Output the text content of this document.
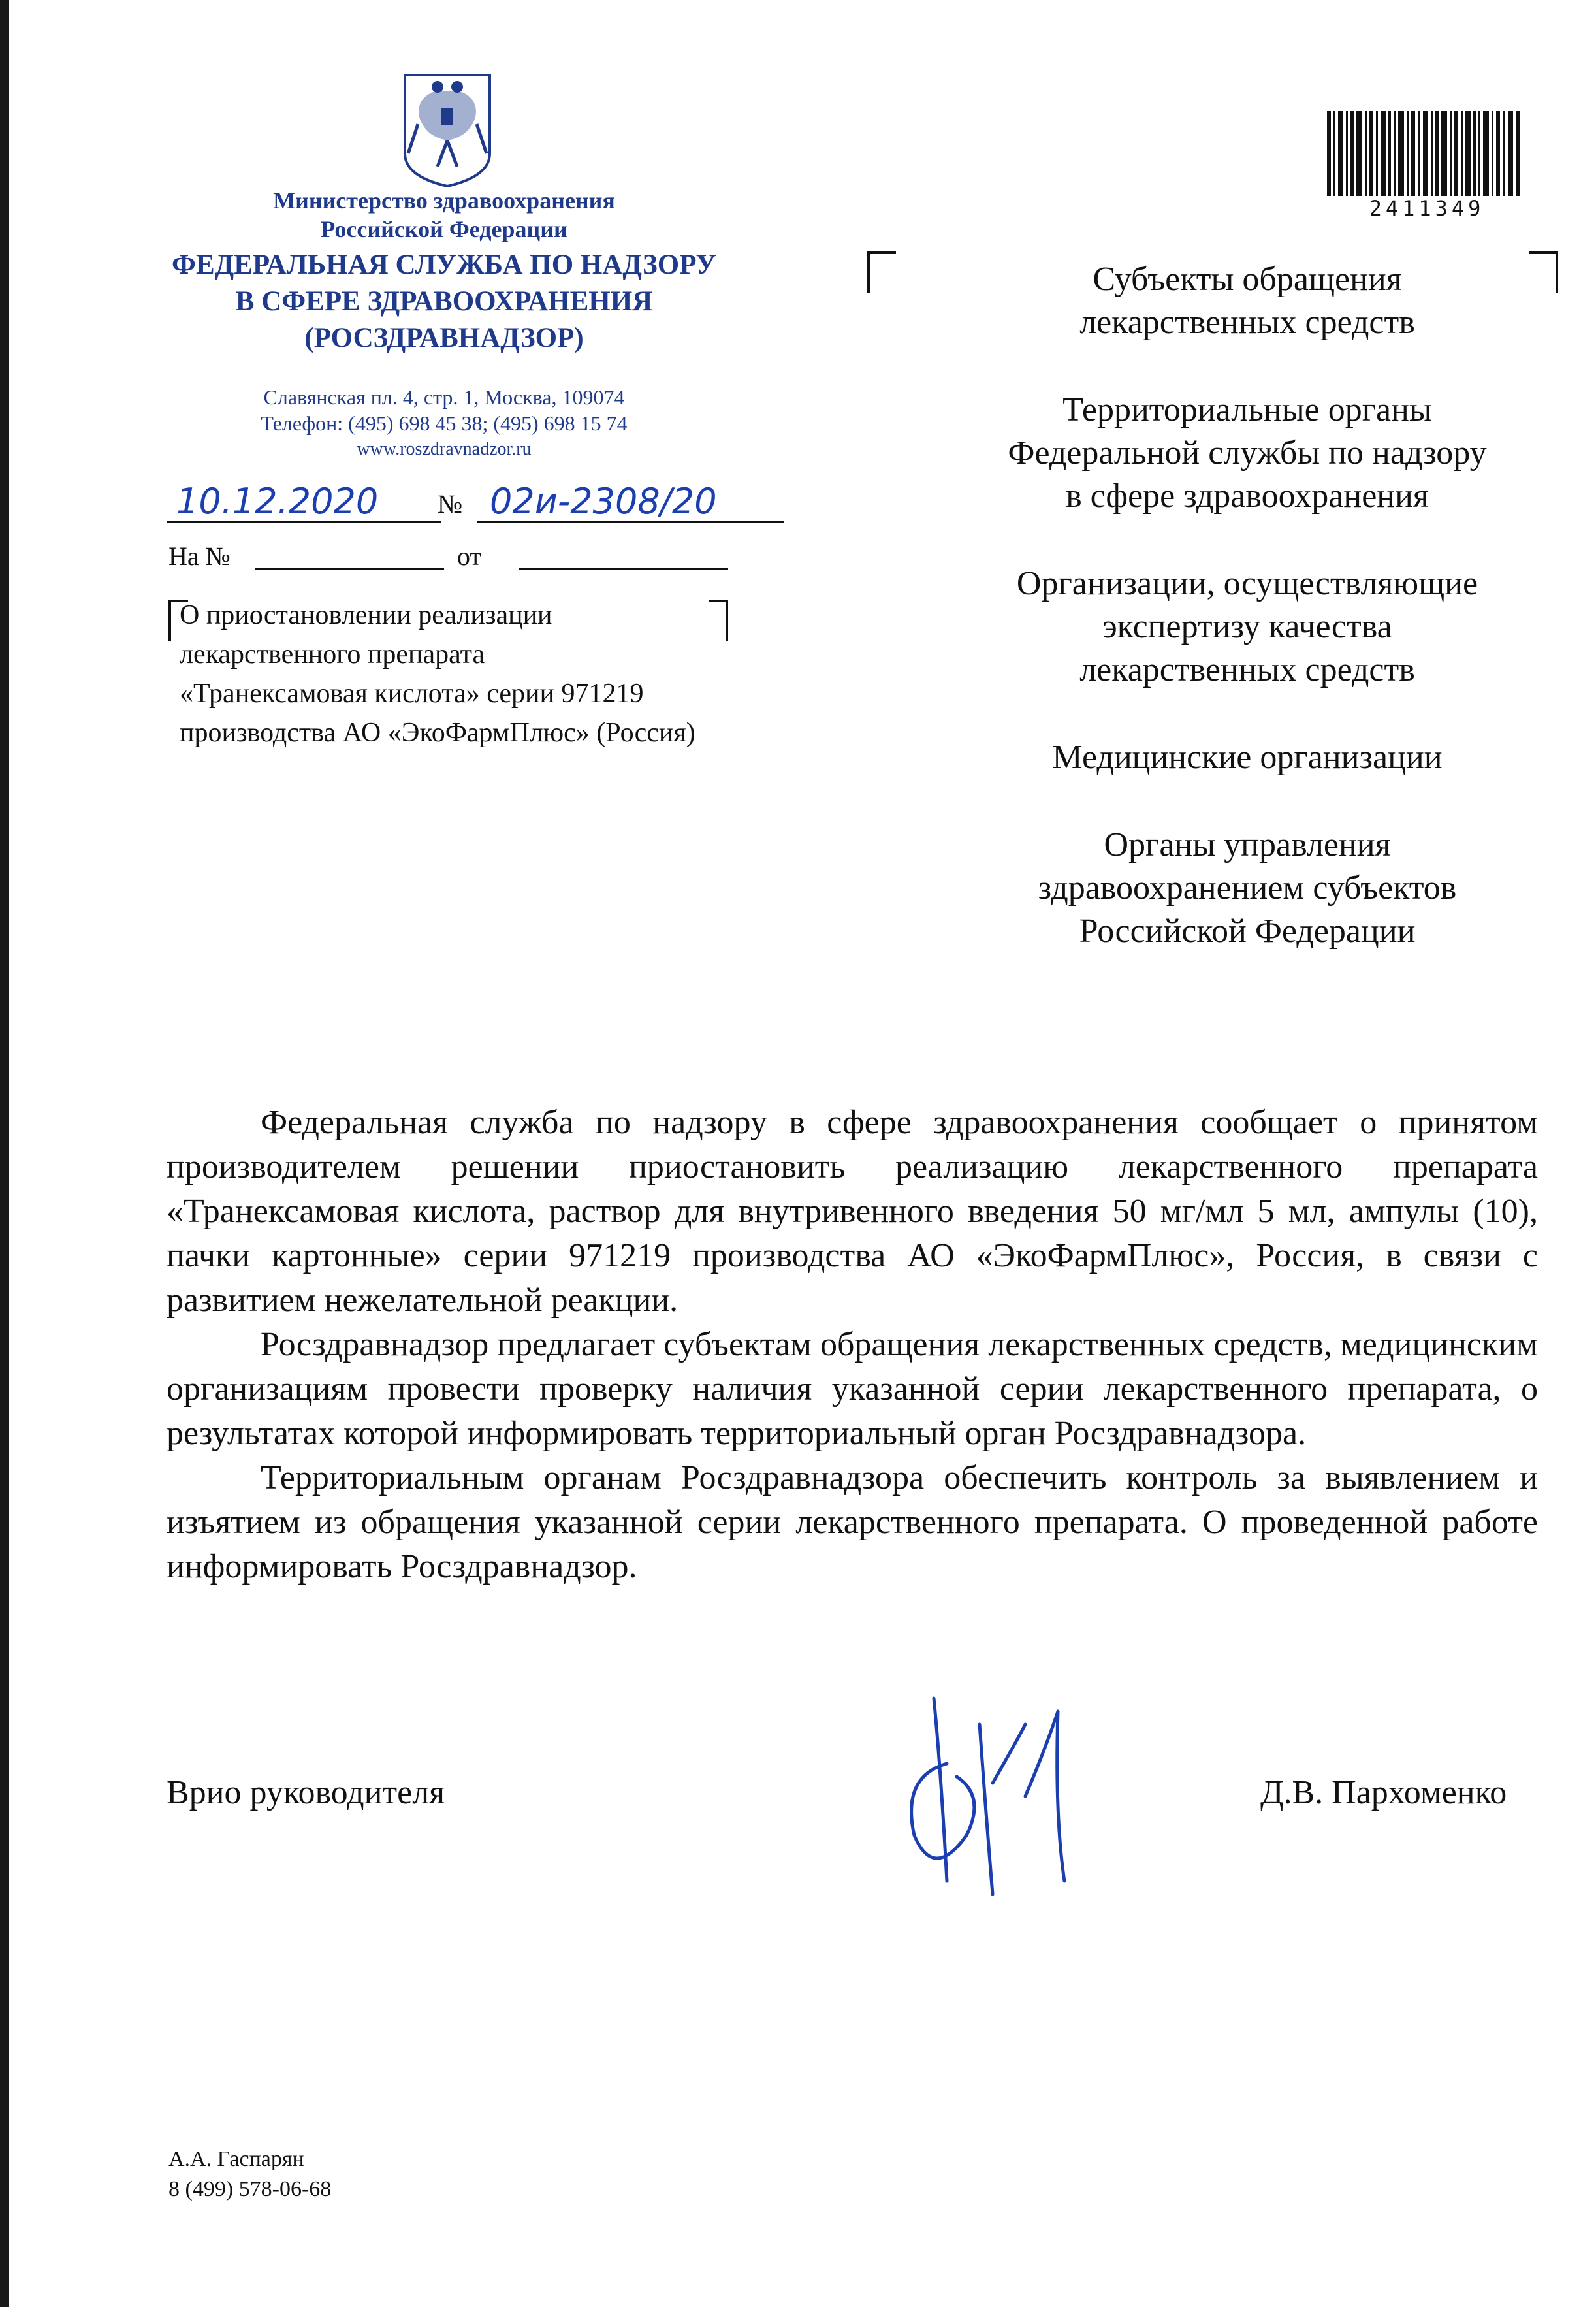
Министерство здравоохранения
Российской Федерации
ФЕДЕРАЛЬНАЯ СЛУЖБА ПО НАДЗОРУ
В СФЕРЕ ЗДРАВООХРАНЕНИЯ
(РОСЗДРАВНАДЗОР)
Славянская пл. 4, стр. 1, Москва, 109074
Телефон: (495) 698 45 38; (495) 698 15 74
www.roszdravnadzor.ru
10.12.2020 № 02и-2308/20
На №	от
О приостановлении реализации
лекарственного препарата
«Транексамовая кислота» серии 971219
производства АО «ЭкоФармПлюс» (Россия)
2411349
Субъекты обращения
лекарственных средств
Территориальные органы
Федеральной службы по надзору
в сфере здравоохранения
Организации, осуществляющие
экспертизу качества
лекарственных средств
Медицинские организации
Органы управления
здравоохранением субъектов
Российской Федерации

Федеральная служба по надзору в сфере здравоохранения сообщает о принятом производителем решении приостановить реализацию лекарственного препарата «Транексамовая кислота, раствор для внутривенного введения 50 мг/мл 5 мл, ампулы (10), пачки картонные» серии 971219 производства АО «ЭкоФармПлюс», Россия, в связи с развитием нежелательной реакции.

Росздравнадзор предлагает субъектам обращения лекарственных средств, медицинским организациям провести проверку наличия указанной серии лекарственного препарата, о результатах которой информировать территориальный орган Росздравнадзора.

Территориальным органам Росздравнадзора обеспечить контроль за выявлением и изъятием из обращения указанной серии лекарственного препарата. О проведенной работе информировать Росздравнадзор.

Врио руководителя	Д.В. Пархоменко
А.А. Гаспарян
8 (499) 578-06-68
